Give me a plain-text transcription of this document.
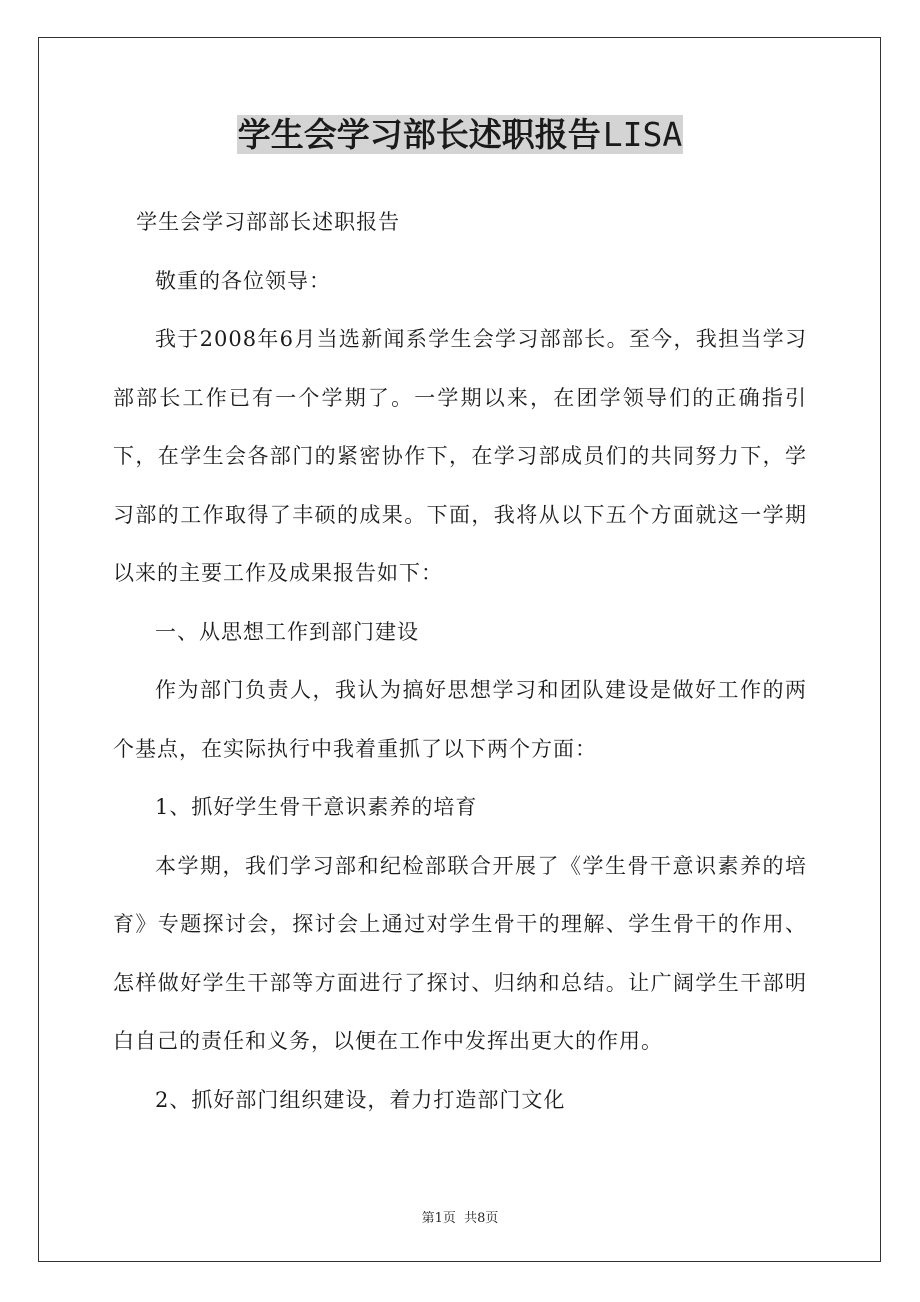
学生会学习部长述职报告LISA

学生会学习部部长述职报告

敬重的各位领导：

我于2008年6月当选新闻系学生会学习部部长。至今，我担当学习部部长工作已有一个学期了。一学期以来，在团学领导们的正确指引下，在学生会各部门的紧密协作下，在学习部成员们的共同努力下，学习部的工作取得了丰硕的成果。下面，我将从以下五个方面就这一学期以来的主要工作及成果报告如下：

一、从思想工作到部门建设

作为部门负责人，我认为搞好思想学习和团队建设是做好工作的两个基点，在实际执行中我着重抓了以下两个方面：

1、抓好学生骨干意识素养的培育

本学期，我们学习部和纪检部联合开展了《学生骨干意识素养的培育》专题探讨会，探讨会上通过对学生骨干的理解、学生骨干的作用、怎样做好学生干部等方面进行了探讨、归纳和总结。让广阔学生干部明白自己的责任和义务，以便在工作中发挥出更大的作用。

2、抓好部门组织建设，着力打造部门文化

第1页 共8页
